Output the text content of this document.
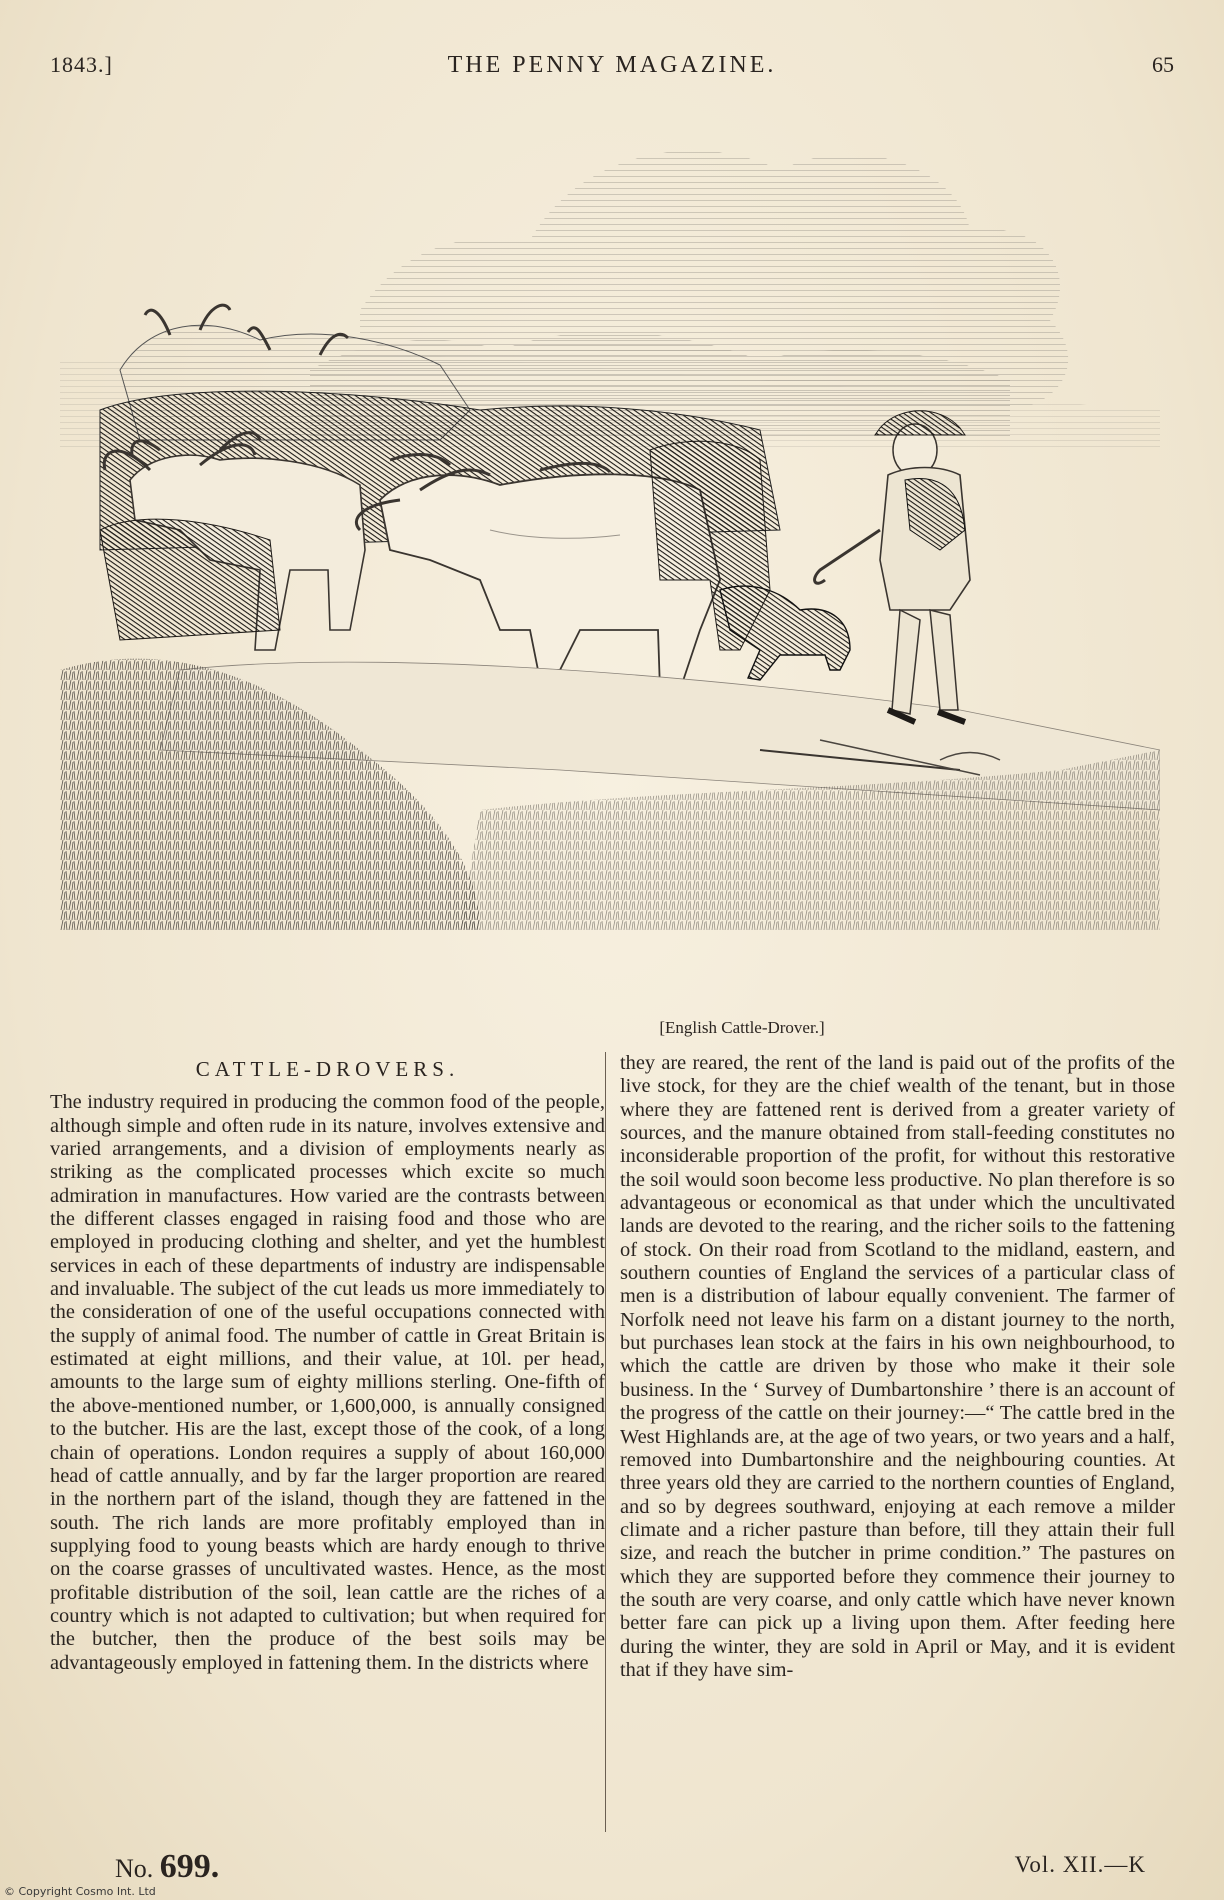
1843.]	THE PENNY MAGAZINE.	65
[English Cattle-Drover.]
CATTLE-DROVERS.

The industry required in producing the common food of the people, although simple and often rude in its nature, involves extensive and varied arrangements, and a division of employments nearly as striking as the complicated processes which excite so much admiration in manufactures. How varied are the contrasts between the different classes engaged in raising food and those who are employed in producing clothing and shelter, and yet the humblest services in each of these departments of industry are indispensable and invaluable. The subject of the cut leads us more immediately to the consideration of one of the useful occupations connected with the supply of animal food. The number of cattle in Great Britain is estimated at eight millions, and their value, at 10l. per head, amounts to the large sum of eighty millions sterling. One-fifth of the above-mentioned number, or 1,600,000, is annually consigned to the butcher. His are the last, except those of the cook, of a long chain of operations. London requires a supply of about 160,000 head of cattle annually, and by far the larger proportion are reared in the northern part of the island, though they are fattened in the south. The rich lands are more profitably employed than in supplying food to young beasts which are hardy enough to thrive on the coarse grasses of uncultivated wastes. Hence, as the most profitable distribution of the soil, lean cattle are the riches of a country which is not adapted to cultivation; but when required for the butcher, then the produce of the best soils may be advantageously employed in fattening them. In the districts where

they are reared, the rent of the land is paid out of the profits of the live stock, for they are the chief wealth of the tenant, but in those where they are fattened rent is derived from a greater variety of sources, and the manure obtained from stall-feeding constitutes no inconsiderable proportion of the profit, for without this restorative the soil would soon become less productive. No plan therefore is so advantageous or economical as that under which the uncultivated lands are devoted to the rearing, and the richer soils to the fattening of stock. On their road from Scotland to the midland, eastern, and southern counties of England the services of a particular class of men is a distribution of labour equally convenient. The farmer of Norfolk need not leave his farm on a distant journey to the north, but purchases lean stock at the fairs in his own neighbourhood, to which the cattle are driven by those who make it their sole business. In the ‘ Survey of Dumbartonshire ’ there is an account of the progress of the cattle on their journey:—“ The cattle bred in the West Highlands are, at the age of two years, or two years and a half, removed into Dumbartonshire and the neighbouring counties. At three years old they are carried to the northern counties of England, and so by degrees southward, enjoying at each remove a milder climate and a richer pasture than before, till they attain their full size, and reach the butcher in prime condition.” The pastures on which they are supported before they commence their journey to the south are very coarse, and only cattle which have never known better fare can pick up a living upon them. After feeding here during the winter, they are sold in April or May, and it is evident that if they have sim-

No. 699.	Vol. XII.—K
© Copyright Cosmo Int. Ltd
